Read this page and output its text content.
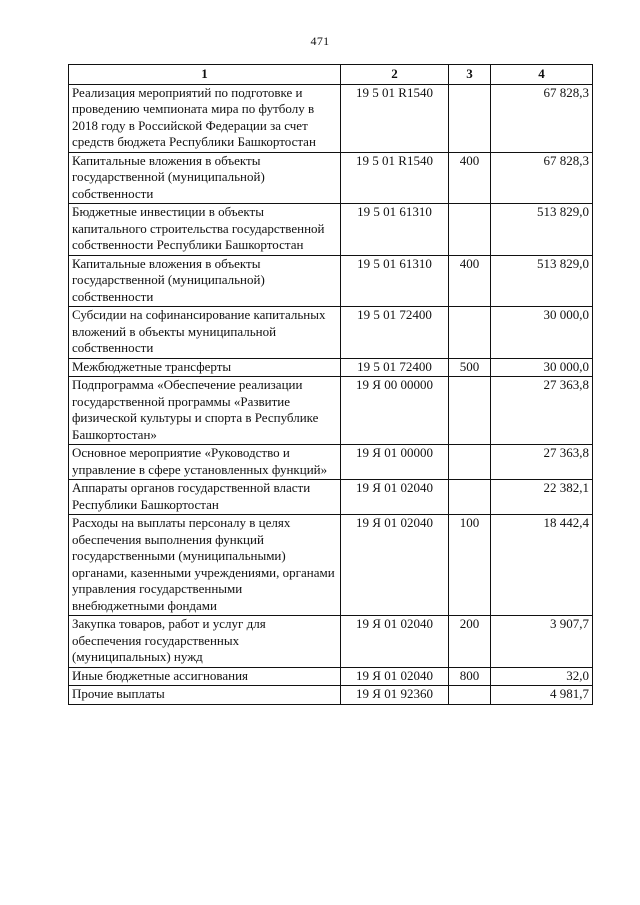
471
1	2	3	4
Реализация мероприятий по подготовке и проведению чемпионата мира по футболу в 2018 году в Российской Федерации за счет средств бюджета Республики Башкортостан	19 5 01 R1540		67 828,3
Капитальные вложения в объекты государственной (муниципальной) собственности	19 5 01 R1540	400	67 828,3
Бюджетные инвестиции в объекты капитального строительства государственной собственности Республики Башкортостан	19 5 01 61310		513 829,0
Капитальные вложения в объекты государственной (муниципальной) собственности	19 5 01 61310	400	513 829,0
Субсидии на софинансирование капитальных вложений в объекты муниципальной собственности	19 5 01 72400		30 000,0
Межбюджетные трансферты	19 5 01 72400	500	30 000,0
Подпрограмма «Обеспечение реализации государственной программы «Развитие физической культуры и спорта в Республике Башкортостан»	19 Я 00 00000		27 363,8
Основное мероприятие «Руководство и управление в сфере установленных функций»	19 Я 01 00000		27 363,8
Аппараты органов государственной власти Республики Башкортостан	19 Я 01 02040		22 382,1
Расходы на выплаты персоналу в целях обеспечения выполнения функций государственными (муниципальными) органами, казенными учреждениями, органами управления государственными внебюджетными фондами	19 Я 01 02040	100	18 442,4
Закупка товаров, работ и услуг для обеспечения государственных (муниципальных) нужд	19 Я 01 02040	200	3 907,7
Иные бюджетные ассигнования	19 Я 01 02040	800	32,0
Прочие выплаты	19 Я 01 92360		4 981,7
